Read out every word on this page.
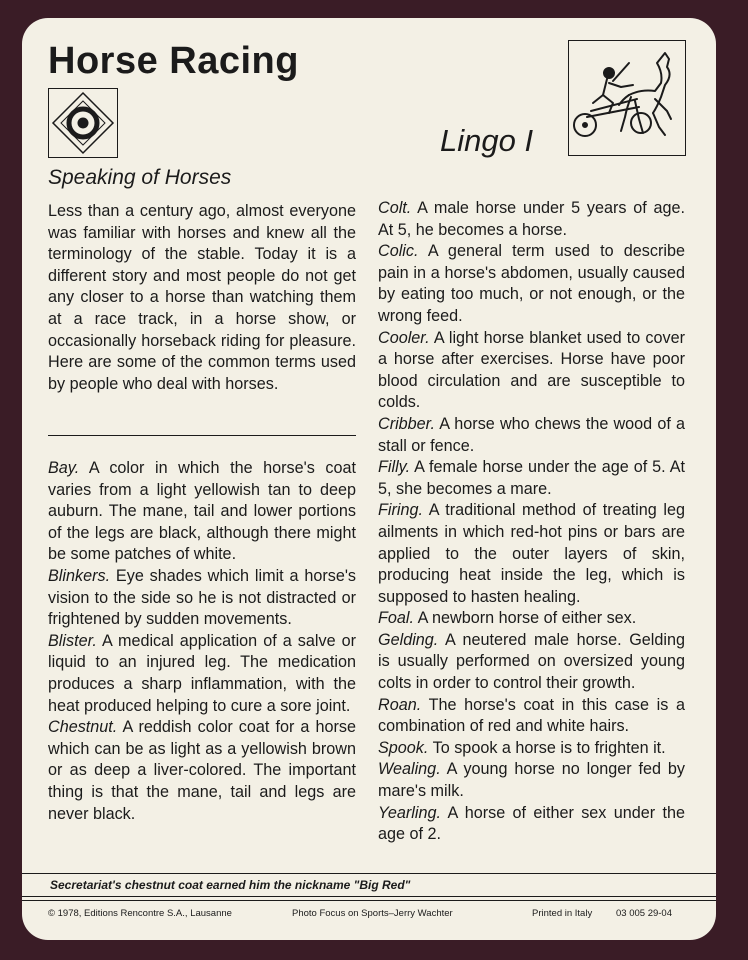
Horse Racing
Lingo I
Speaking of Horses
Less than a century ago, almost everyone was familiar with horses and knew all the terminology of the stable. Today it is a different story and most people do not get any closer to a horse than watching them at a race track, in a horse show, or occasionally horseback riding for pleasure. Here are some of the common terms used by people who deal with horses.

Bay. A color in which the horse's coat varies from a light yellowish tan to deep auburn. The mane, tail and lower portions of the legs are black, although there might be some patches of white.

Blinkers. Eye shades which limit a horse's vision to the side so he is not distracted or frightened by sudden movements.

Blister. A medical application of a salve or liquid to an injured leg. The medication produces a sharp inflammation, with the heat produced helping to cure a sore joint.

Chestnut. A reddish color coat for a horse which can be as light as a yellowish brown or as deep a liver-colored. The important thing is that the mane, tail and legs are never black.

Colt. A male horse under 5 years of age. At 5, he becomes a horse.

Colic. A general term used to describe pain in a horse's abdomen, usually caused by eating too much, or not enough, or the wrong feed.

Cooler. A light horse blanket used to cover a horse after exercises. Horse have poor blood circulation and are susceptible to colds.

Cribber. A horse who chews the wood of a stall or fence.

Filly. A female horse under the age of 5. At 5, she becomes a mare.

Firing. A traditional method of treating leg ailments in which red-hot pins or bars are applied to the outer layers of skin, producing heat inside the leg, which is supposed to hasten healing.

Foal. A newborn horse of either sex.

Gelding. A neutered male horse. Gelding is usually performed on oversized young colts in order to control their growth.

Roan. The horse's coat in this case is a combination of red and white hairs.

Spook. To spook a horse is to frighten it.

Wealing. A young horse no longer fed by mare's milk.

Yearling. A horse of either sex under the age of 2.

Secretariat's chestnut coat earned him the nickname "Big Red"
© 1978, Editions Rencontre S.A., Lausanne	Photo Focus on Sports–Jerry Wachter	Printed in Italy	03 005 29-04
